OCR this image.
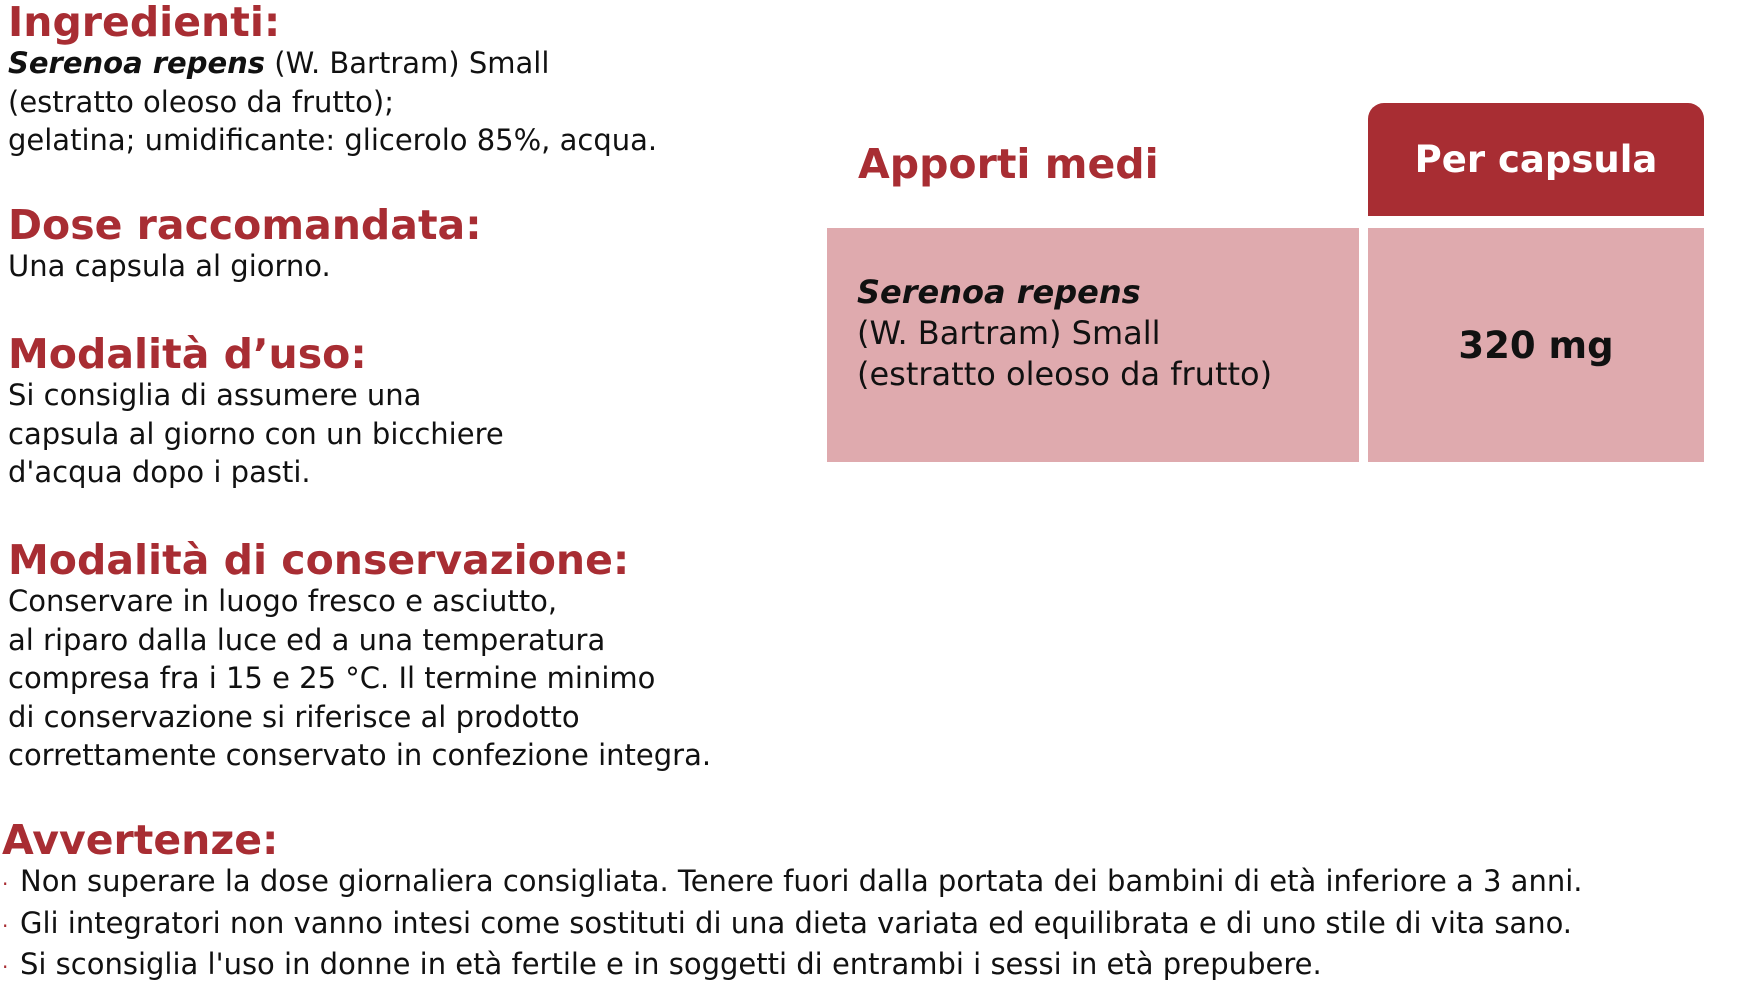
Ingredienti:

Serenoa repens (W. Bartram) Small

(estratto oleoso da frutto);

gelatina; umidificante: glicerolo 85%, acqua.

Dose raccomandata:

Una capsula al giorno.

Modalità d’uso:

Si consiglia di assumere una

capsula al giorno con un bicchiere

d'acqua dopo i pasti.

Modalità di conservazione:

Conservare in luogo fresco e asciutto,

al riparo dalla luce ed a una temperatura

compresa fra i 15 e 25 °C. Il termine minimo

di conservazione si riferisce al prodotto

correttamente conservato in confezione integra.

Avvertenze:
· Non superare la dose giornaliera consigliata. Tenere fuori dalla portata dei bambini di età inferiore a 3 anni.
· Gli integratori non vanno intesi come sostituti di una dieta variata ed equilibrata e di uno stile di vita sano.
· Si sconsiglia l'uso in donne in età fertile e in soggetti di entrambi i sessi in età prepubere.
Apporti medi	Per capsula

Serenoa repens

(W. Bartram) Small

(estratto oleoso da frutto)

320 mg
